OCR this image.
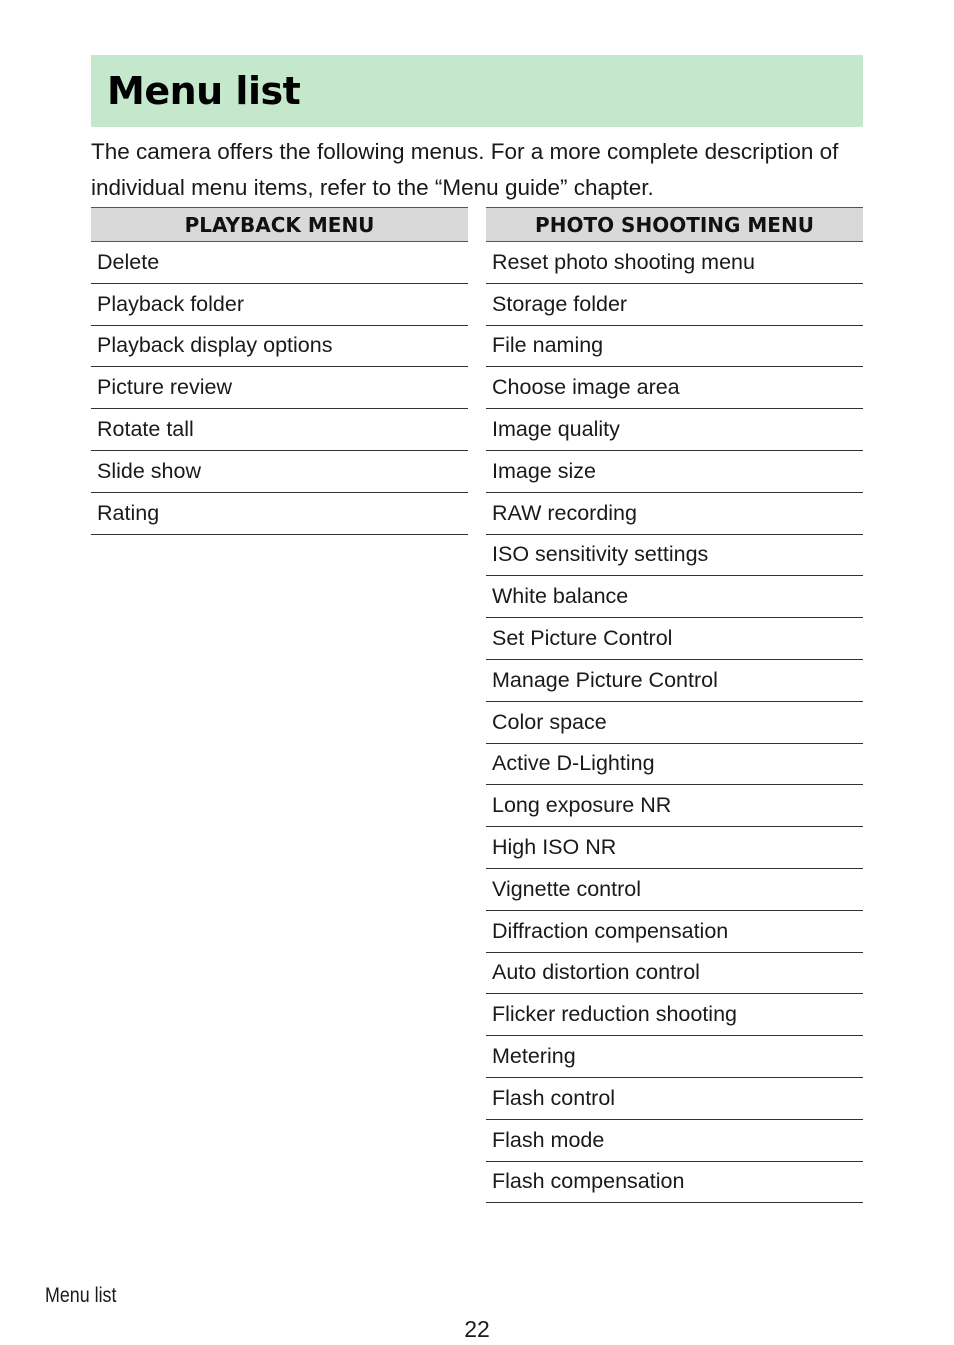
Menu list

The camera offers the following menus. For a more complete description of individual menu items, refer to the “Menu guide” chapter.

PLAYBACK MENU
Delete
Playback folder
Playback display options
Picture review
Rotate tall
Slide show
Rating
PHOTO SHOOTING MENU
Reset photo shooting menu
Storage folder
File naming
Choose image area
Image quality
Image size
RAW recording
ISO sensitivity settings
White balance
Set Picture Control
Manage Picture Control
Color space
Active D-Lighting
Long exposure NR
High ISO NR
Vignette control
Diffraction compensation
Auto distortion control
Flicker reduction shooting
Metering
Flash control
Flash mode
Flash compensation
Menu list
22
